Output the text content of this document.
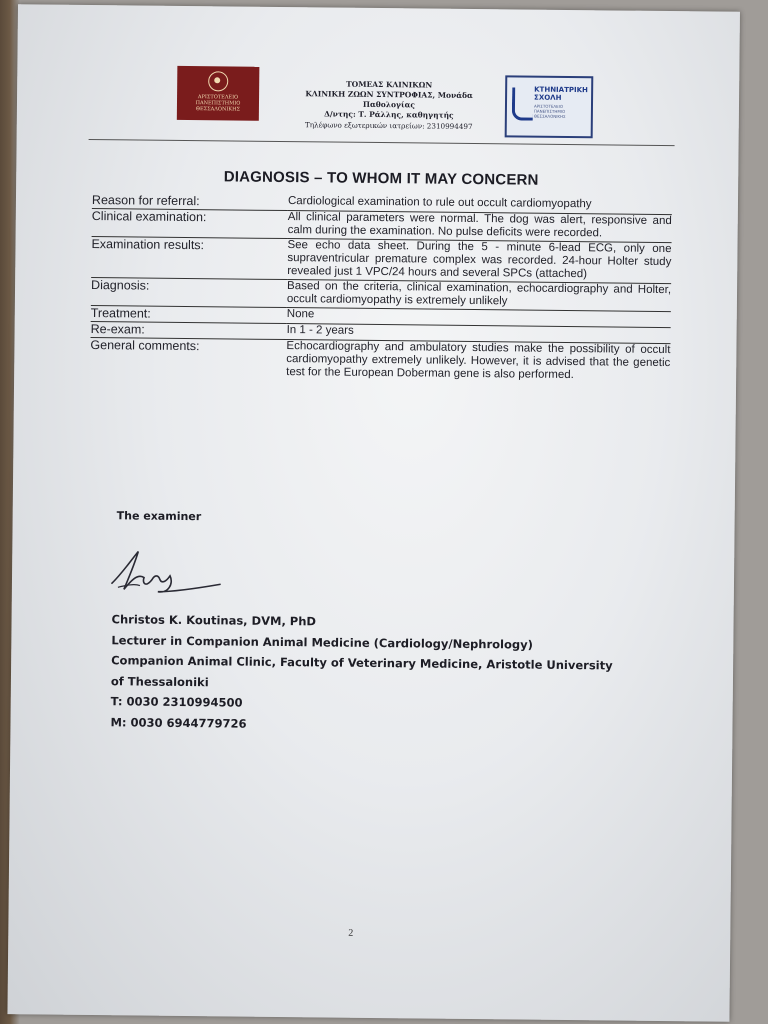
ΑΡΙΣΤΟΤΕΛΕΙΟ ΠΑΝΕΠΙΣΤΗΜΙΟ ΘΕΣΣΑΛΟΝΙΚΗΣ
ΤΟΜΕΑΣ ΚΛΙΝΙΚΩΝ
ΚΛΙΝΙΚΗ ΖΩΩΝ ΣΥΝΤΡΟΦΙΑΣ, Μονάδα Παθολογίας
Δ/ντης: Τ. Ράλλης, καθηγητής
Τηλέφωνο εξωτερικών ιατρείων: 2310994497
ΚΤΗΝΙΑΤΡΙΚΗ ΣΧΟΛΗ
ΑΡΙΣΤΟΤΕΛΕΙΟ ΠΑΝΕΠΙΣΤΗΜΙΟ ΘΕΣΣΑΛΟΝΙΚΗΣ
DIAGNOSIS – TO WHOM IT MAY CONCERN
Reason for referral:	Cardiological examination to rule out occult cardiomyopathy
Clinical examination:	All clinical parameters were normal. The dog was alert, responsive and calm during the examination. No pulse deficits were recorded.
Examination results:	See echo data sheet. During the 5 - minute 6-lead ECG, only one supraventricular premature complex was recorded. 24-hour Holter study revealed just 1 VPC/24 hours and several SPCs (attached)
Diagnosis:	Based on the criteria, clinical examination, echocardiography and Holter, occult cardiomyopathy is extremely unlikely
Treatment:	None
Re-exam:	In 1 - 2 years
General comments:	Echocardiography and ambulatory studies make the possibility of occult cardiomyopathy extremely unlikely. However, it is advised that the genetic test for the European Doberman gene is also performed.
The examiner
Christos K. Koutinas, DVM, PhD
Lecturer in Companion Animal Medicine (Cardiology/Nephrology)
Companion Animal Clinic, Faculty of Veterinary Medicine, Aristotle University of Thessaloniki
T: 0030 2310994500
M: 0030 6944779726
2
